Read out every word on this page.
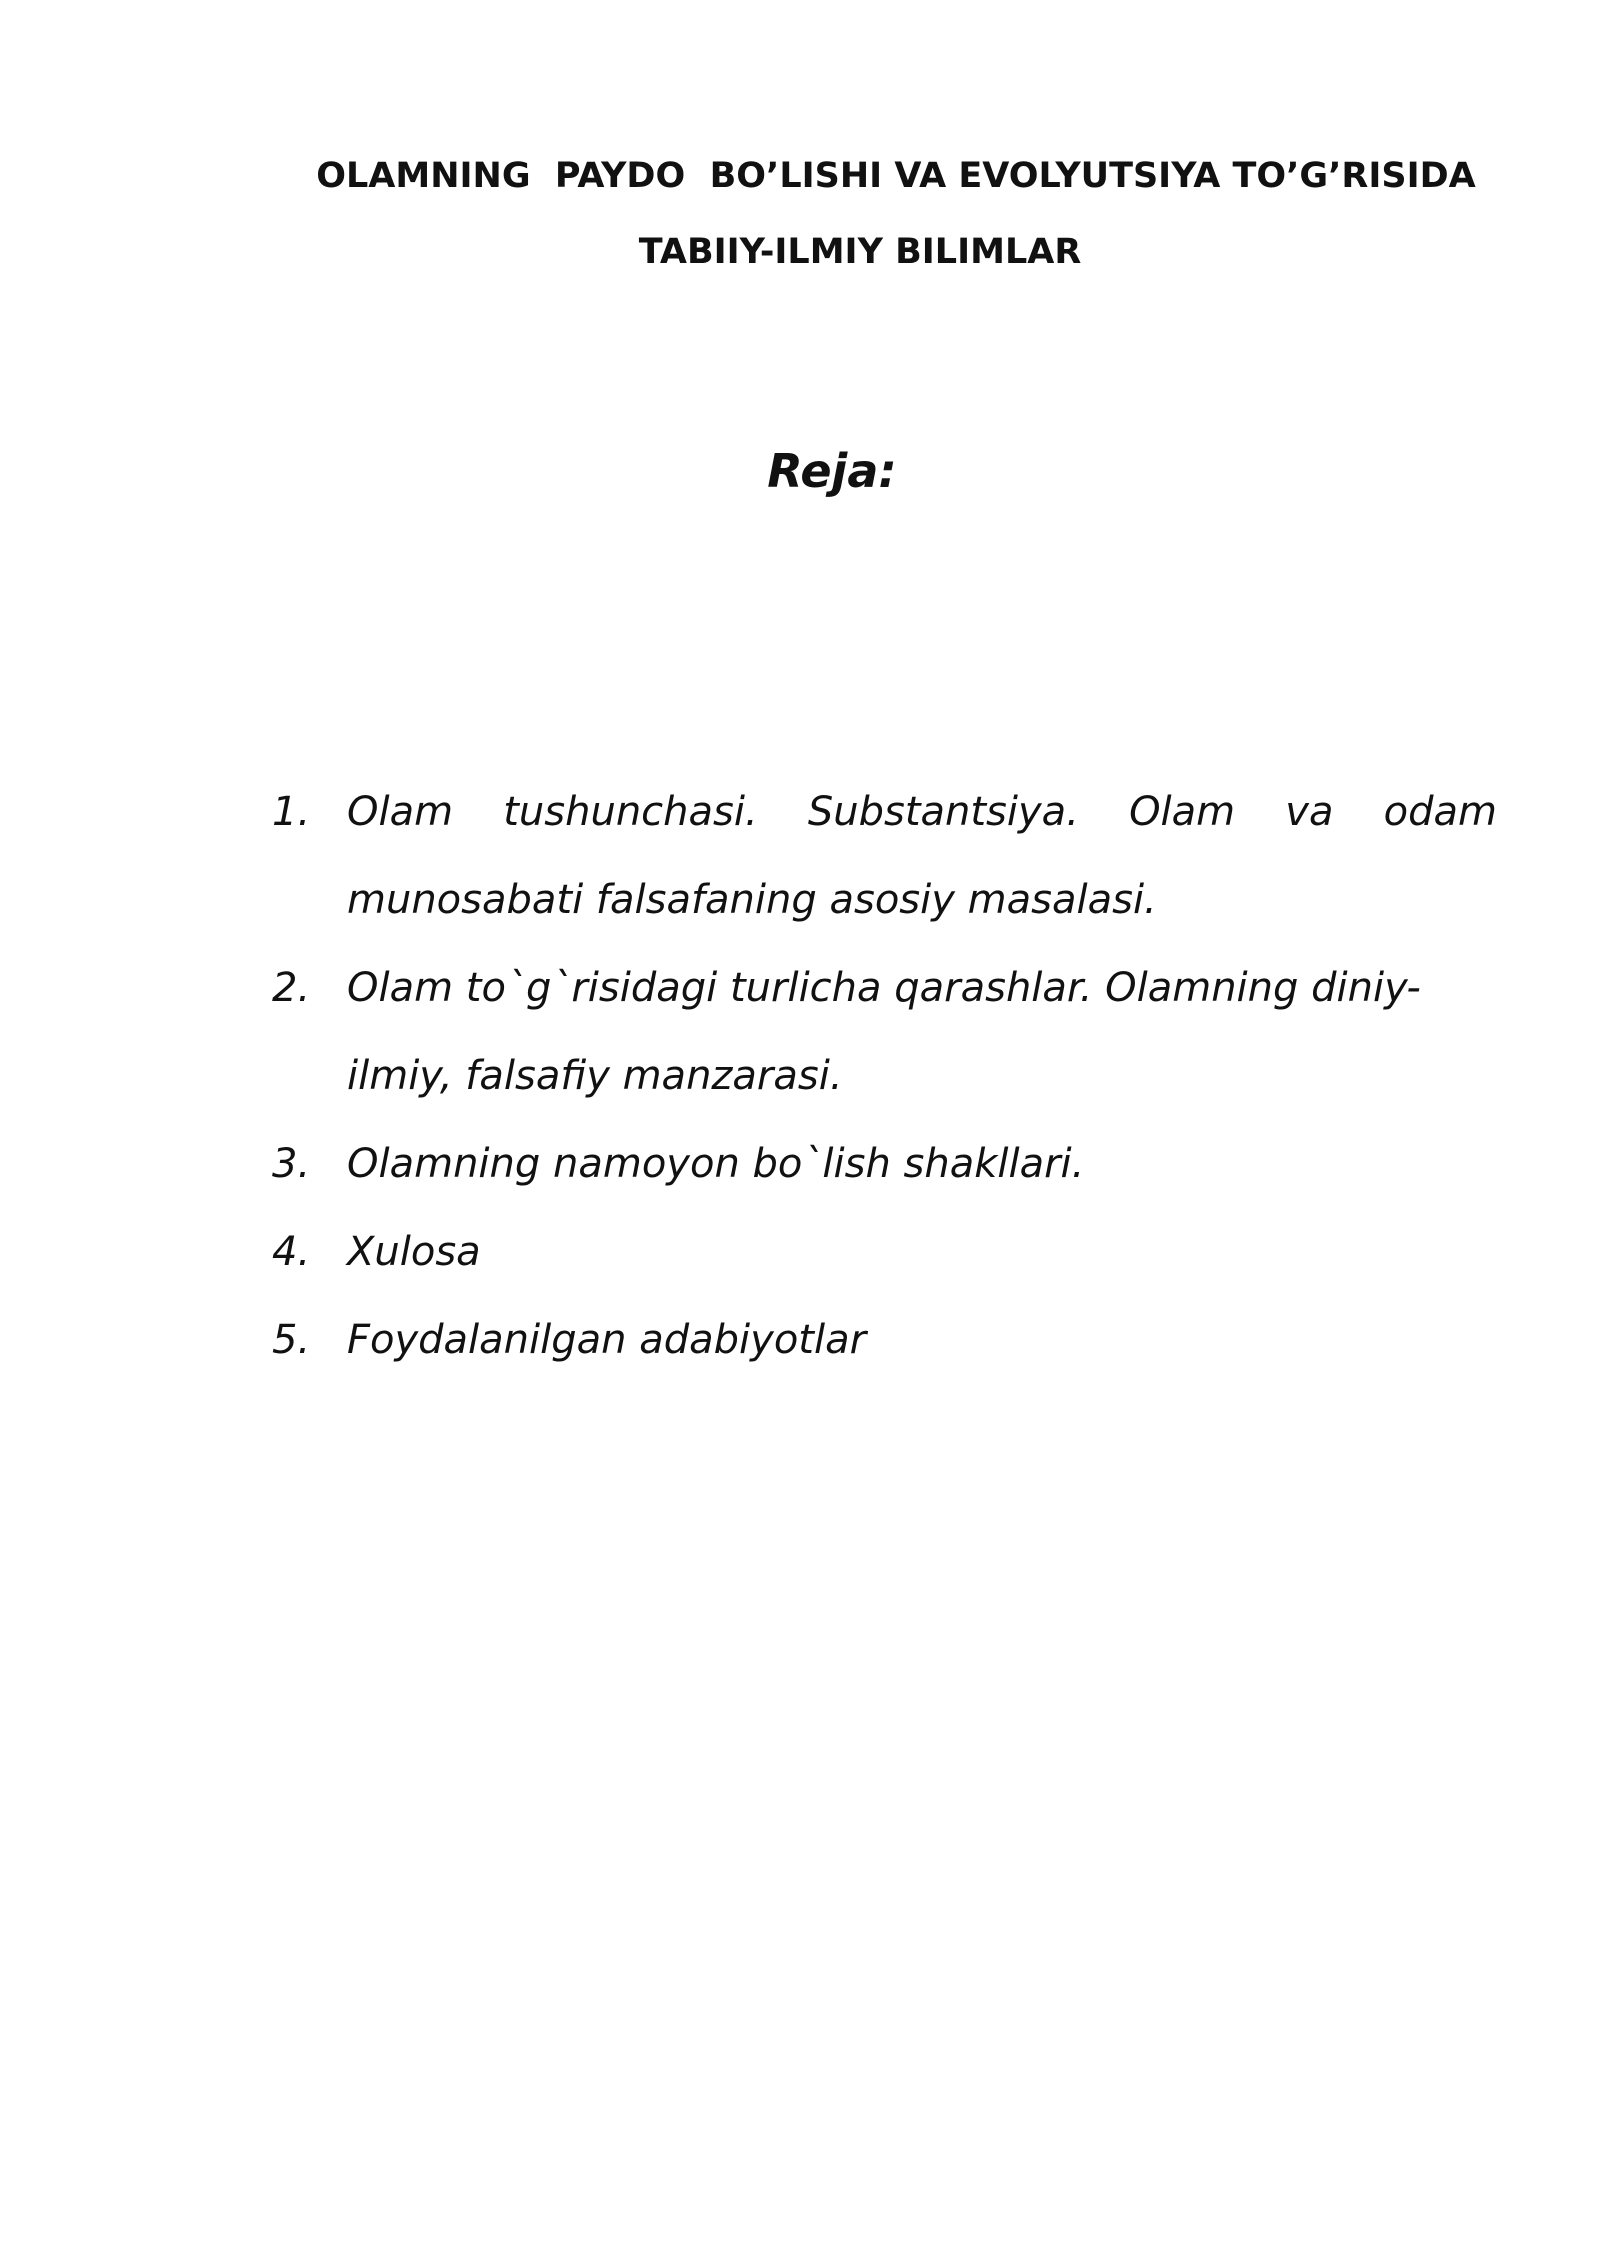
OLAMNING  PAYDO  BO’LISHI VA EVOLYUTSIYA TO’G’RISIDA
TABIIY-ILMIY BILIMLAR
Reja:
1. Olam tushunchasi. Substantsiya. Olam va odam munosabati falsafaning asosiy masalasi.
2. Olam to`g`risidagi turlicha qarashlar. Olamning diniy-ilmiy, falsafiy manzarasi.
3. Olamning namoyon bo`lish shakllari.
4. Xulosa
5. Foydalanilgan adabiyotlar
